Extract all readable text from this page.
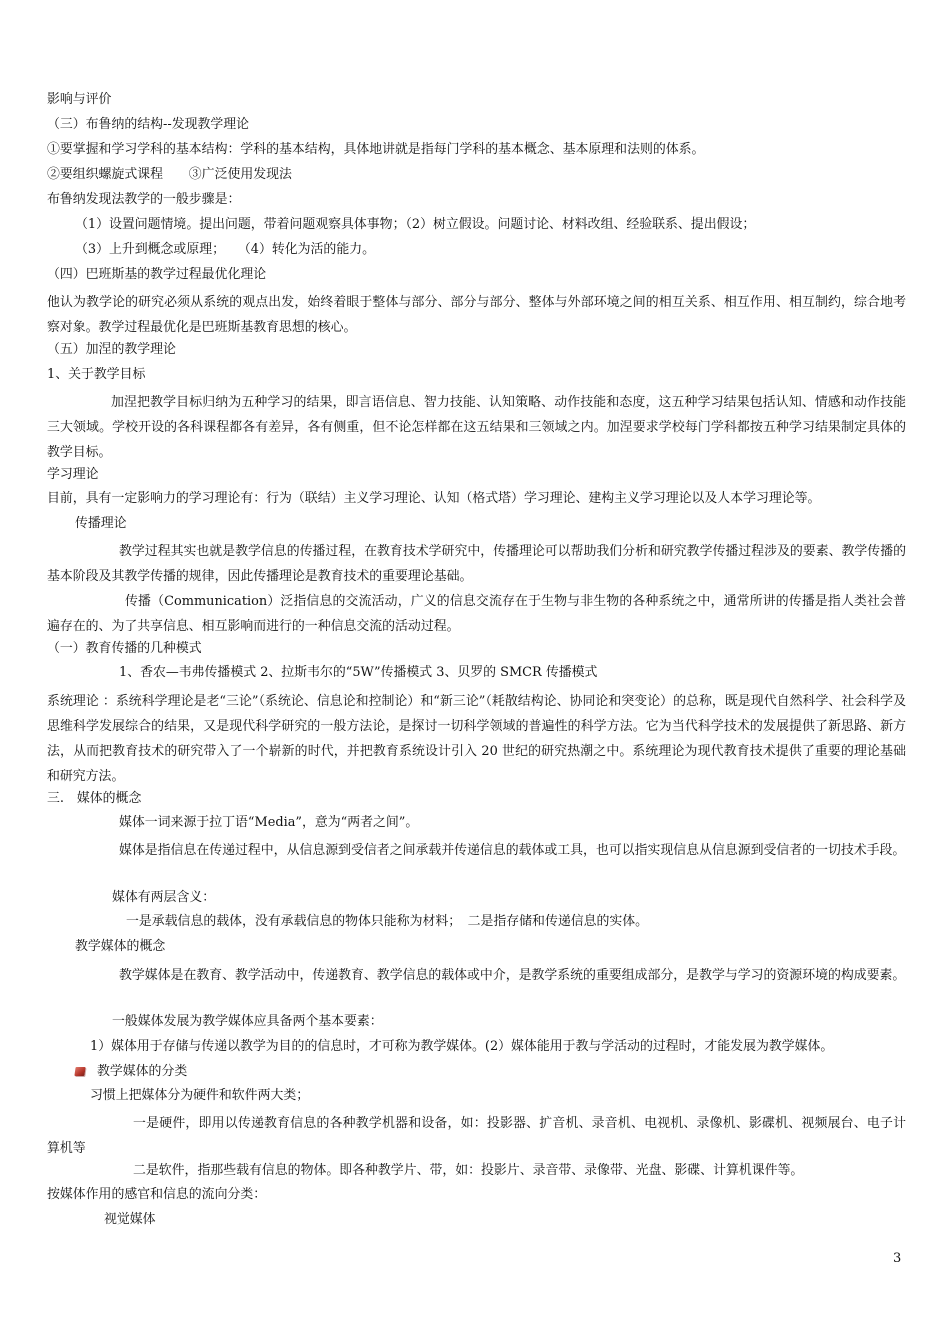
影响与评价
（三）布鲁纳的结构--发现教学理论
①要掌握和学习学科的基本结构：学科的基本结构，具体地讲就是指每门学科的基本概念、基本原理和法则的体系。
②要组织螺旋式课程　　③广泛使用发现法
布鲁纳发现法教学的一般步骤是：
（1）设置问题情境。提出问题，带着问题观察具体事物；（2）树立假设。问题讨论、材料改组、经验联系、提出假设；
（3）上升到概念或原理；　　（4）转化为活的能力。
（四）巴班斯基的教学过程最优化理论
他认为教学论的研究必须从系统的观点出发，始终着眼于整体与部分、部分与部分、整体与外部环境之间的相互关系、相互作用、相互制约，综合地考察对象。教学过程最优化是巴班斯基教育思想的核心。
（五）加涅的教学理论
1、关于教学目标
加涅把教学目标归纳为五种学习的结果，即言语信息、智力技能、认知策略、动作技能和态度，这五种学习结果包括认知、情感和动作技能三大领域。学校开设的各科课程都各有差异，各有侧重，但不论怎样都在这五结果和三领域之内。加涅要求学校每门学科都按五种学习结果制定具体的教学目标。
学习理论
目前，具有一定影响力的学习理论有：行为（联结）主义学习理论、认知（格式塔）学习理论、建构主义学习理论以及人本学习理论等。
传播理论
教学过程其实也就是教学信息的传播过程，在教育技术学研究中，传播理论可以帮助我们分析和研究教学传播过程涉及的要素、教学传播的基本阶段及其教学传播的规律，因此传播理论是教育技术的重要理论基础。
传播（Communication）泛指信息的交流活动，广义的信息交流存在于生物与非生物的各种系统之中，通常所讲的传播是指人类社会普遍存在的、为了共享信息、相互影响而进行的一种信息交流的活动过程。
（一）教育传播的几种模式
1、香农—韦弗传播模式 2、拉斯韦尔的“5W”传播模式 3、贝罗的 SMCR 传播模式
系统理论 ：系统科学理论是老“三论”（系统论、信息论和控制论）和“新三论”（耗散结构论、协同论和突变论）的总称，既是现代自然科学、社会科学及思维科学发展综合的结果，又是现代科学研究的一般方法论，是探讨一切科学领域的普遍性的科学方法。它为当代科学技术的发展提供了新思路、新方法，从而把教育技术的研究带入了一个崭新的时代，并把教育系统设计引入 20 世纪的研究热潮之中。系统理论为现代教育技术提供了重要的理论基础和研究方法。
三.　媒体的概念
媒体一词来源于拉丁语“Media”，意为“两者之间”。
媒体是指信息在传递过程中，从信息源到受信者之间承载并传递信息的载体或工具，也可以指实现信息从信息源到受信者的一切技术手段。
媒体有两层含义：
一是承载信息的载体，没有承载信息的物体只能称为材料；　二是指存储和传递信息的实体。
教学媒体的概念
教学媒体是在教育、教学活动中，传递教育、教学信息的载体或中介，是教学系统的重要组成部分，是教学与学习的资源环境的构成要素。
一般媒体发展为教学媒体应具备两个基本要素：
1）媒体用于存储与传递以教学为目的的信息时，才可称为教学媒体。(2）媒体能用于教与学活动的过程时，才能发展为教学媒体。
教学媒体的分类
习惯上把媒体分为硬件和软件两大类；
一是硬件，即用以传递教育信息的各种教学机器和设备，如：投影器、扩音机、录音机、电视机、录像机、影碟机、视频展台、电子计算机等
二是软件，指那些载有信息的物体。即各种教学片、带，如：投影片、录音带、录像带、光盘、影碟、计算机课件等。
按媒体作用的感官和信息的流向分类：
视觉媒体
3
